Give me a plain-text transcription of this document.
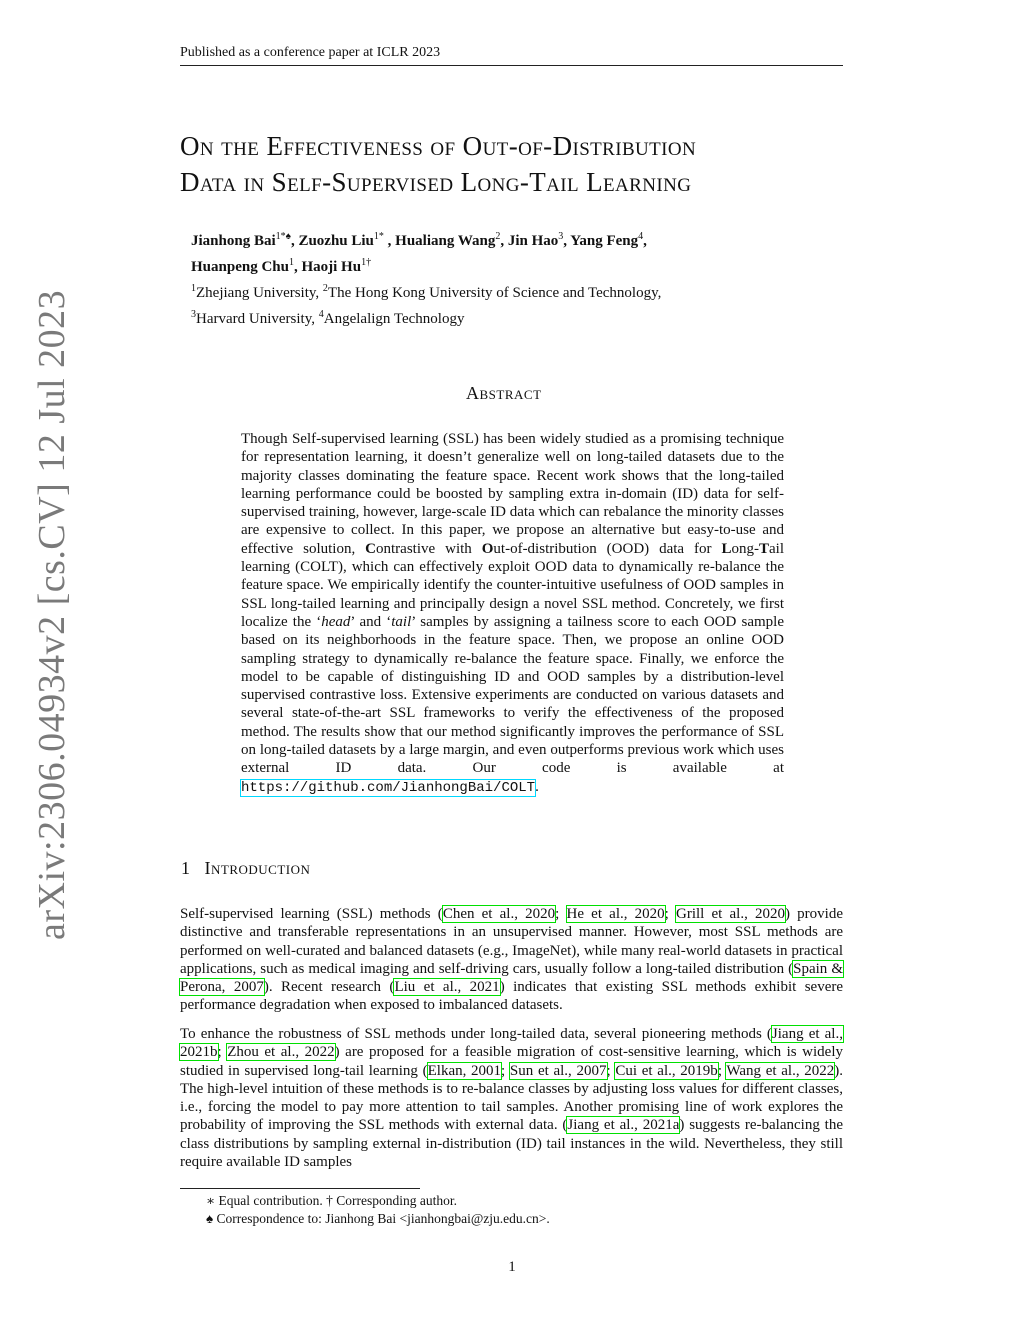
Published as a conference paper at ICLR 2023
arXiv:2306.04934v2 [cs.CV] 12 Jul 2023
On the Effectiveness of Out-of-Distribution
Data in Self-Supervised Long-Tail Learning
Jianhong Bai$^{1*♠}$, Zuozhu Liu$^{1*}$ , Hualiang Wang$^2$, Jin Hao$^3$, Yang Feng$^4$,
Huanpeng Chu$^1$, Haoji $Hu^{1\dagger}$
$^1$Zhejiang University, $^2$The Hong Kong University of Science and Technology,
$^3$Harvard University, $^4$Angelalign Technology
Abstract

Though Self-supervised learning (SSL) has been widely studied as a promising technique for representation learning, it doesn’t generalize well on long-tailed datasets due to the majority classes dominating the feature space. Recent work shows that the long-tailed learning performance could be boosted by sampling extra in-domain (ID) data for self-supervised training, however, large-scale ID data which can rebalance the minority classes are expensive to collect. In this paper, we propose an alternative but easy-to-use and effective solution, Contrastive with Out-of-distribution (OOD) data for Long-Tail learning (COLT), which can effectively exploit OOD data to dynamically re-balance the feature space. We empirically identify the counter-intuitive usefulness of OOD samples in SSL long-tailed learning and principally design a novel SSL method. Concretely, we first localize the ‘head’ and ‘tail’ samples by assigning a tailness score to each OOD sample based on its neighborhoods in the feature space. Then, we propose an online OOD sampling strategy to dynamically re-balance the feature space. Finally, we enforce the model to be capable of distinguishing ID and OOD samples by a distribution-level supervised contrastive loss. Extensive experiments are conducted on various datasets and several state-of-the-art SSL frameworks to verify the effectiveness of the proposed method. The results show that our method significantly improves the performance of SSL on long-tailed datasets by a large margin, and even outperforms previous work which uses external ID data. Our code is available at https://github.com/JianhongBai/COLT.

1 Introduction

Self-supervised learning (SSL) methods (Chen et al., 2020; He et al., 2020; Grill et al., 2020) provide distinctive and transferable representations in an unsupervised manner. However, most SSL methods are performed on well-curated and balanced datasets (e.g., ImageNet), while many real-world datasets in practical applications, such as medical imaging and self-driving cars, usually follow a long-tailed distribution (Spain & Perona, 2007). Recent research (Liu et al., 2021) indicates that existing SSL methods exhibit severe performance degradation when exposed to imbalanced datasets.

To enhance the robustness of SSL methods under long-tailed data, several pioneering methods (Jiang et al., 2021b; Zhou et al., 2022) are proposed for a feasible migration of cost-sensitive learning, which is widely studied in supervised long-tail learning (Elkan, 2001; Sun et al., 2007; Cui et al., 2019b; Wang et al., 2022). The high-level intuition of these methods is to re-balance classes by adjusting loss values for different classes, i.e., forcing the model to pay more attention to tail samples. Another promising line of work explores the probability of improving the SSL methods with external data. (Jiang et al., 2021a) suggests re-balancing the class distributions by sampling external in-distribution (ID) tail instances in the wild. Nevertheless, they still require available ID samples

∗ Equal contribution. † Corresponding author.
♠ Correspondence to: Jianhong Bai <jianhongbai@zju.edu.cn>.
1
